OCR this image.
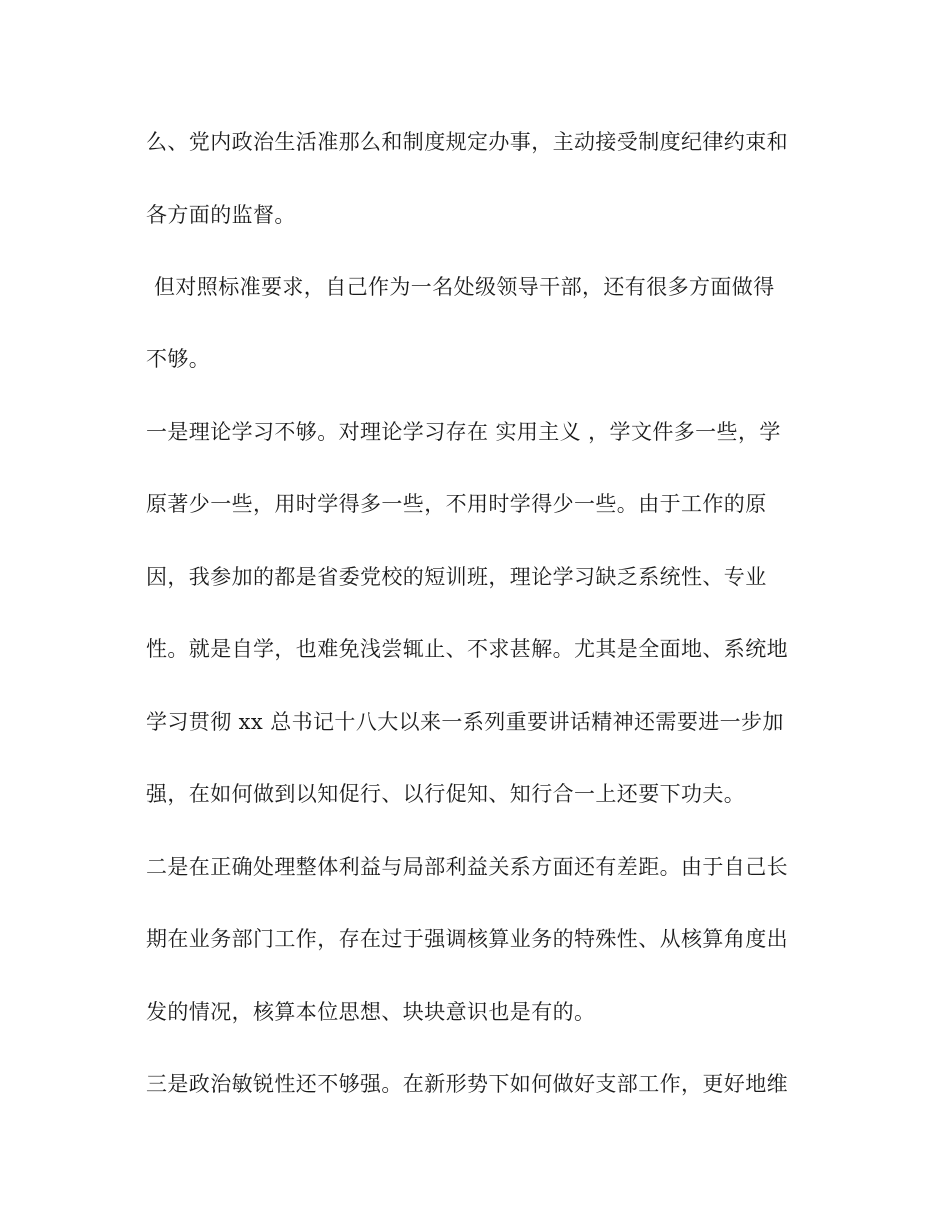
么、党内政治生活准那么和制度规定办事，主动接受制度纪律约束和

各方面的监督。

但对照标准要求，自己作为一名处级领导干部，还有很多方面做得

不够。

一是理论学习不够。对理论学习存在 实用主义 ，学文件多一些，学

原著少一些，用时学得多一些，不用时学得少一些。由于工作的原

因，我参加的都是省委党校的短训班，理论学习缺乏系统性、专业

性。就是自学，也难免浅尝辄止、不求甚解。尤其是全面地、系统地

学习贯彻 xx 总书记十八大以来一系列重要讲话精神还需要进一步加

强，在如何做到以知促行、以行促知、知行合一上还要下功夫。

二是在正确处理整体利益与局部利益关系方面还有差距。由于自己长

期在业务部门工作，存在过于强调核算业务的特殊性、从核算角度出

发的情况，核算本位思想、块块意识也是有的。

三是政治敏锐性还不够强。在新形势下如何做好支部工作，更好地维
